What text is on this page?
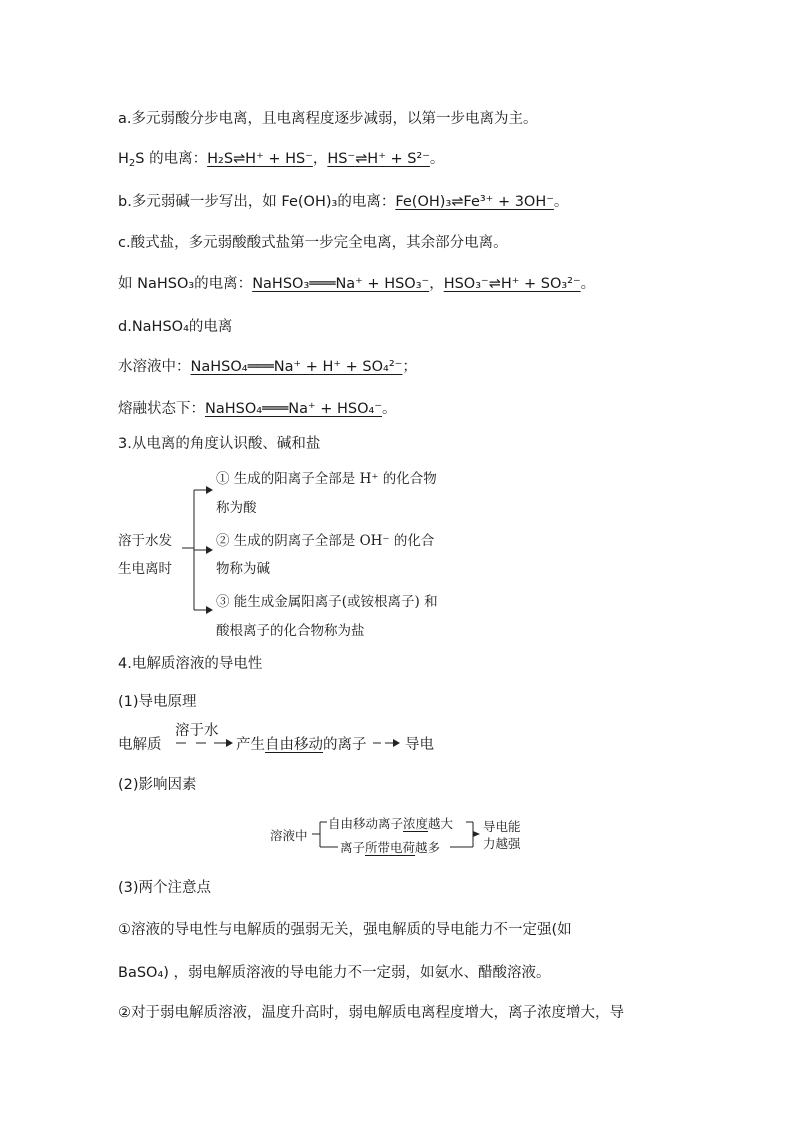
a.多元弱酸分步电离，且电离程度逐步减弱，以第一步电离为主。
$H_2S$ 的电离：H₂S⇌H⁺ + HS⁻，HS⁻⇌H⁺ + S²⁻。
b.多元弱碱一步写出，如 Fe(OH)₃的电离：Fe(OH)₃⇌Fe³⁺ + 3OH⁻。
c.酸式盐，多元弱酸酸式盐第一步完全电离，其余部分电离。
如 NaHSO₃的电离：NaHSO₃═══Na⁺ + HSO₃⁻，HSO₃⁻⇌H⁺ + SO₃²⁻。
d.NaHSO₄的电离
水溶液中：NaHSO₄═══Na⁺ + H⁺ + SO₄²⁻；
熔融状态下：NaHSO₄═══Na⁺ + HSO₄⁻。
3.从电离的角度认识酸、碱和盐
溶于水发
生电离时
① 生成的阳离子全部是 H⁺ 的化合物
称为酸
② 生成的阴离子全部是 OH⁻ 的化合
物称为碱
③ 能生成金属阳离子(或铵根离子) 和
酸根离子的化合物称为盐
4.电解质溶液的导电性
(1)导电原理
电解质
溶于水
产生自由移动的离子	导电
(2)影响因素
溶液中
自由移动离子浓度越大
离子所带电荷越多
导电能
力越强
(3)两个注意点
①溶液的导电性与电解质的强弱无关，强电解质的导电能力不一定强(如
BaSO₄) ，弱电解质溶液的导电能力不一定弱，如氨水、醋酸溶液。
②对于弱电解质溶液，温度升高时，弱电解质电离程度增大，离子浓度增大，导
